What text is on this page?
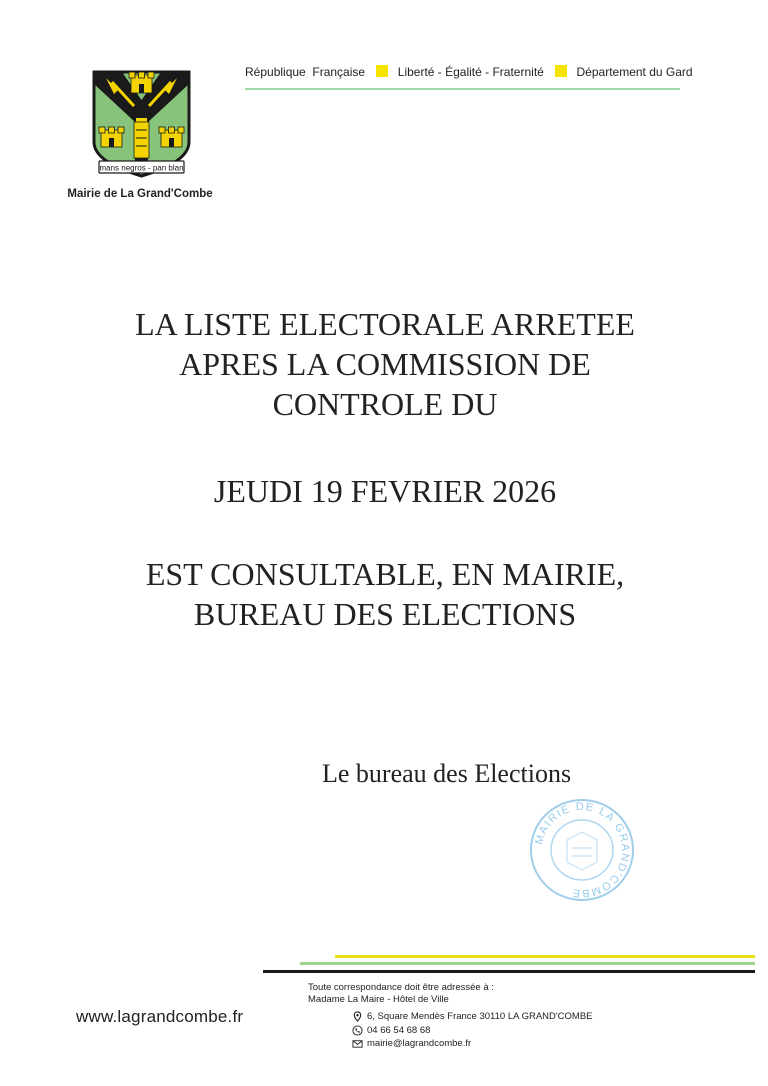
mans negros - pan blan
Mairie de La Grand'Combe
République  Française	Liberté - Égalité - Fraternité	Département du Gard
LA LISTE ELECTORALE ARRETEE
APRES LA COMMISSION DE
CONTROLE DU
JEUDI 19 FEVRIER 2026
EST CONSULTABLE, EN MAIRIE,
BUREAU DES ELECTIONS
Le bureau des Elections
MAIRIE DE LA GRAND'COMBE
www.lagrandcombe.fr
Toute correspondance doit être adressée à :
Madame La Maire - Hôtel de Ville
6, Square Mendès France 30110 LA GRAND'COMBE
04 66 54 68 68
mairie@lagrandcombe.fr
